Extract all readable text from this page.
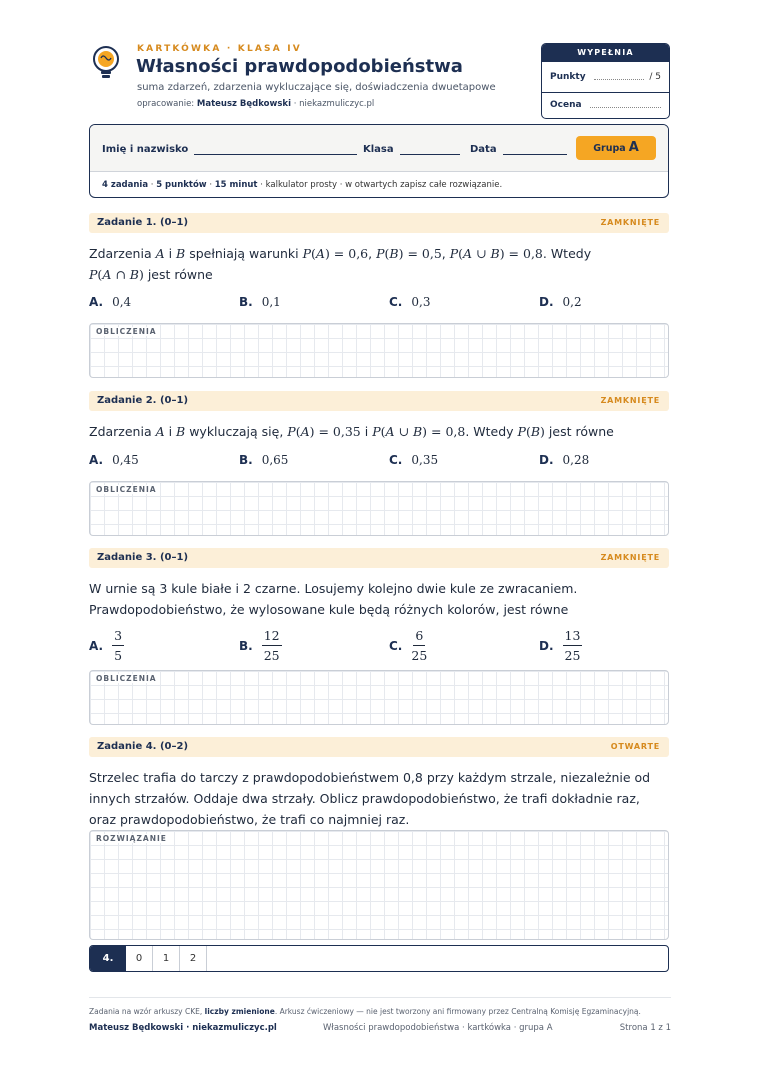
KARTKÓWKA · KLASA IV
Własności prawdopodobieństwa
suma zdarzeń, zdarzenia wykluczające się, doświadczenia dwuetapowe
opracowanie: Mateusz Będkowski · niekazmuliczyc.pl
WYPEŁNIA NAUCZYCIEL
Punkty	/ 5
Ocena
Imię i nazwisko	Klasa	Data	Grupa A
4 zadania · 5 punktów · 15 minut · kalkulator prosty · w otwartych zapisz całe rozwiązanie.
Zadanie 1. (0–1)	ZAMKNIĘTE
Zdarzenia A i B spełniają warunki P(A) = 0,6, P(B) = 0,5, P(A ∪ B) = 0,8. Wtedy
P(A ∩ B) jest równe
A. 0,4	B. 0,1	C. 0,3	D. 0,2
OBLICZENIA
Zadanie 2. (0–1)	ZAMKNIĘTE
Zdarzenia A i B wykluczają się, P(A) = 0,35 i P(A ∪ B) = 0,8. Wtedy P(B) jest równe
A. 0,45	B. 0,65	C. 0,35	D. 0,28
OBLICZENIA
Zadanie 3. (0–1)	ZAMKNIĘTE
W urnie są 3 kule białe i 2 czarne. Losujemy kolejno dwie kule ze zwracaniem.
Prawdopodobieństwo, że wylosowane kule będą różnych kolorów, jest równe
A. $\frac{3}{5}$	B. $\frac{12}{25}$	C. $\frac{6}{25}$	D. $\frac{13}{25}$
OBLICZENIA
Zadanie 4. (0–2)	OTWARTE
Strzelec trafia do tarczy z prawdopodobieństwem 0,8 przy każdym strzale, niezależnie od
innych strzałów. Oddaje dwa strzały. Oblicz prawdopodobieństwo, że trafi dokładnie raz,
oraz prawdopodobieństwo, że trafi co najmniej raz.
ROZWIĄZANIE
4.	0	1	2
Zadania na wzór arkuszy CKE, liczby zmienione. Arkusz ćwiczeniowy — nie jest tworzony ani firmowany przez Centralną Komisję Egzaminacyjną.
Mateusz Będkowski · niekazmuliczyc.pl	Własności prawdopodobieństwa · kartkówka · grupa A	Strona 1 z 1
